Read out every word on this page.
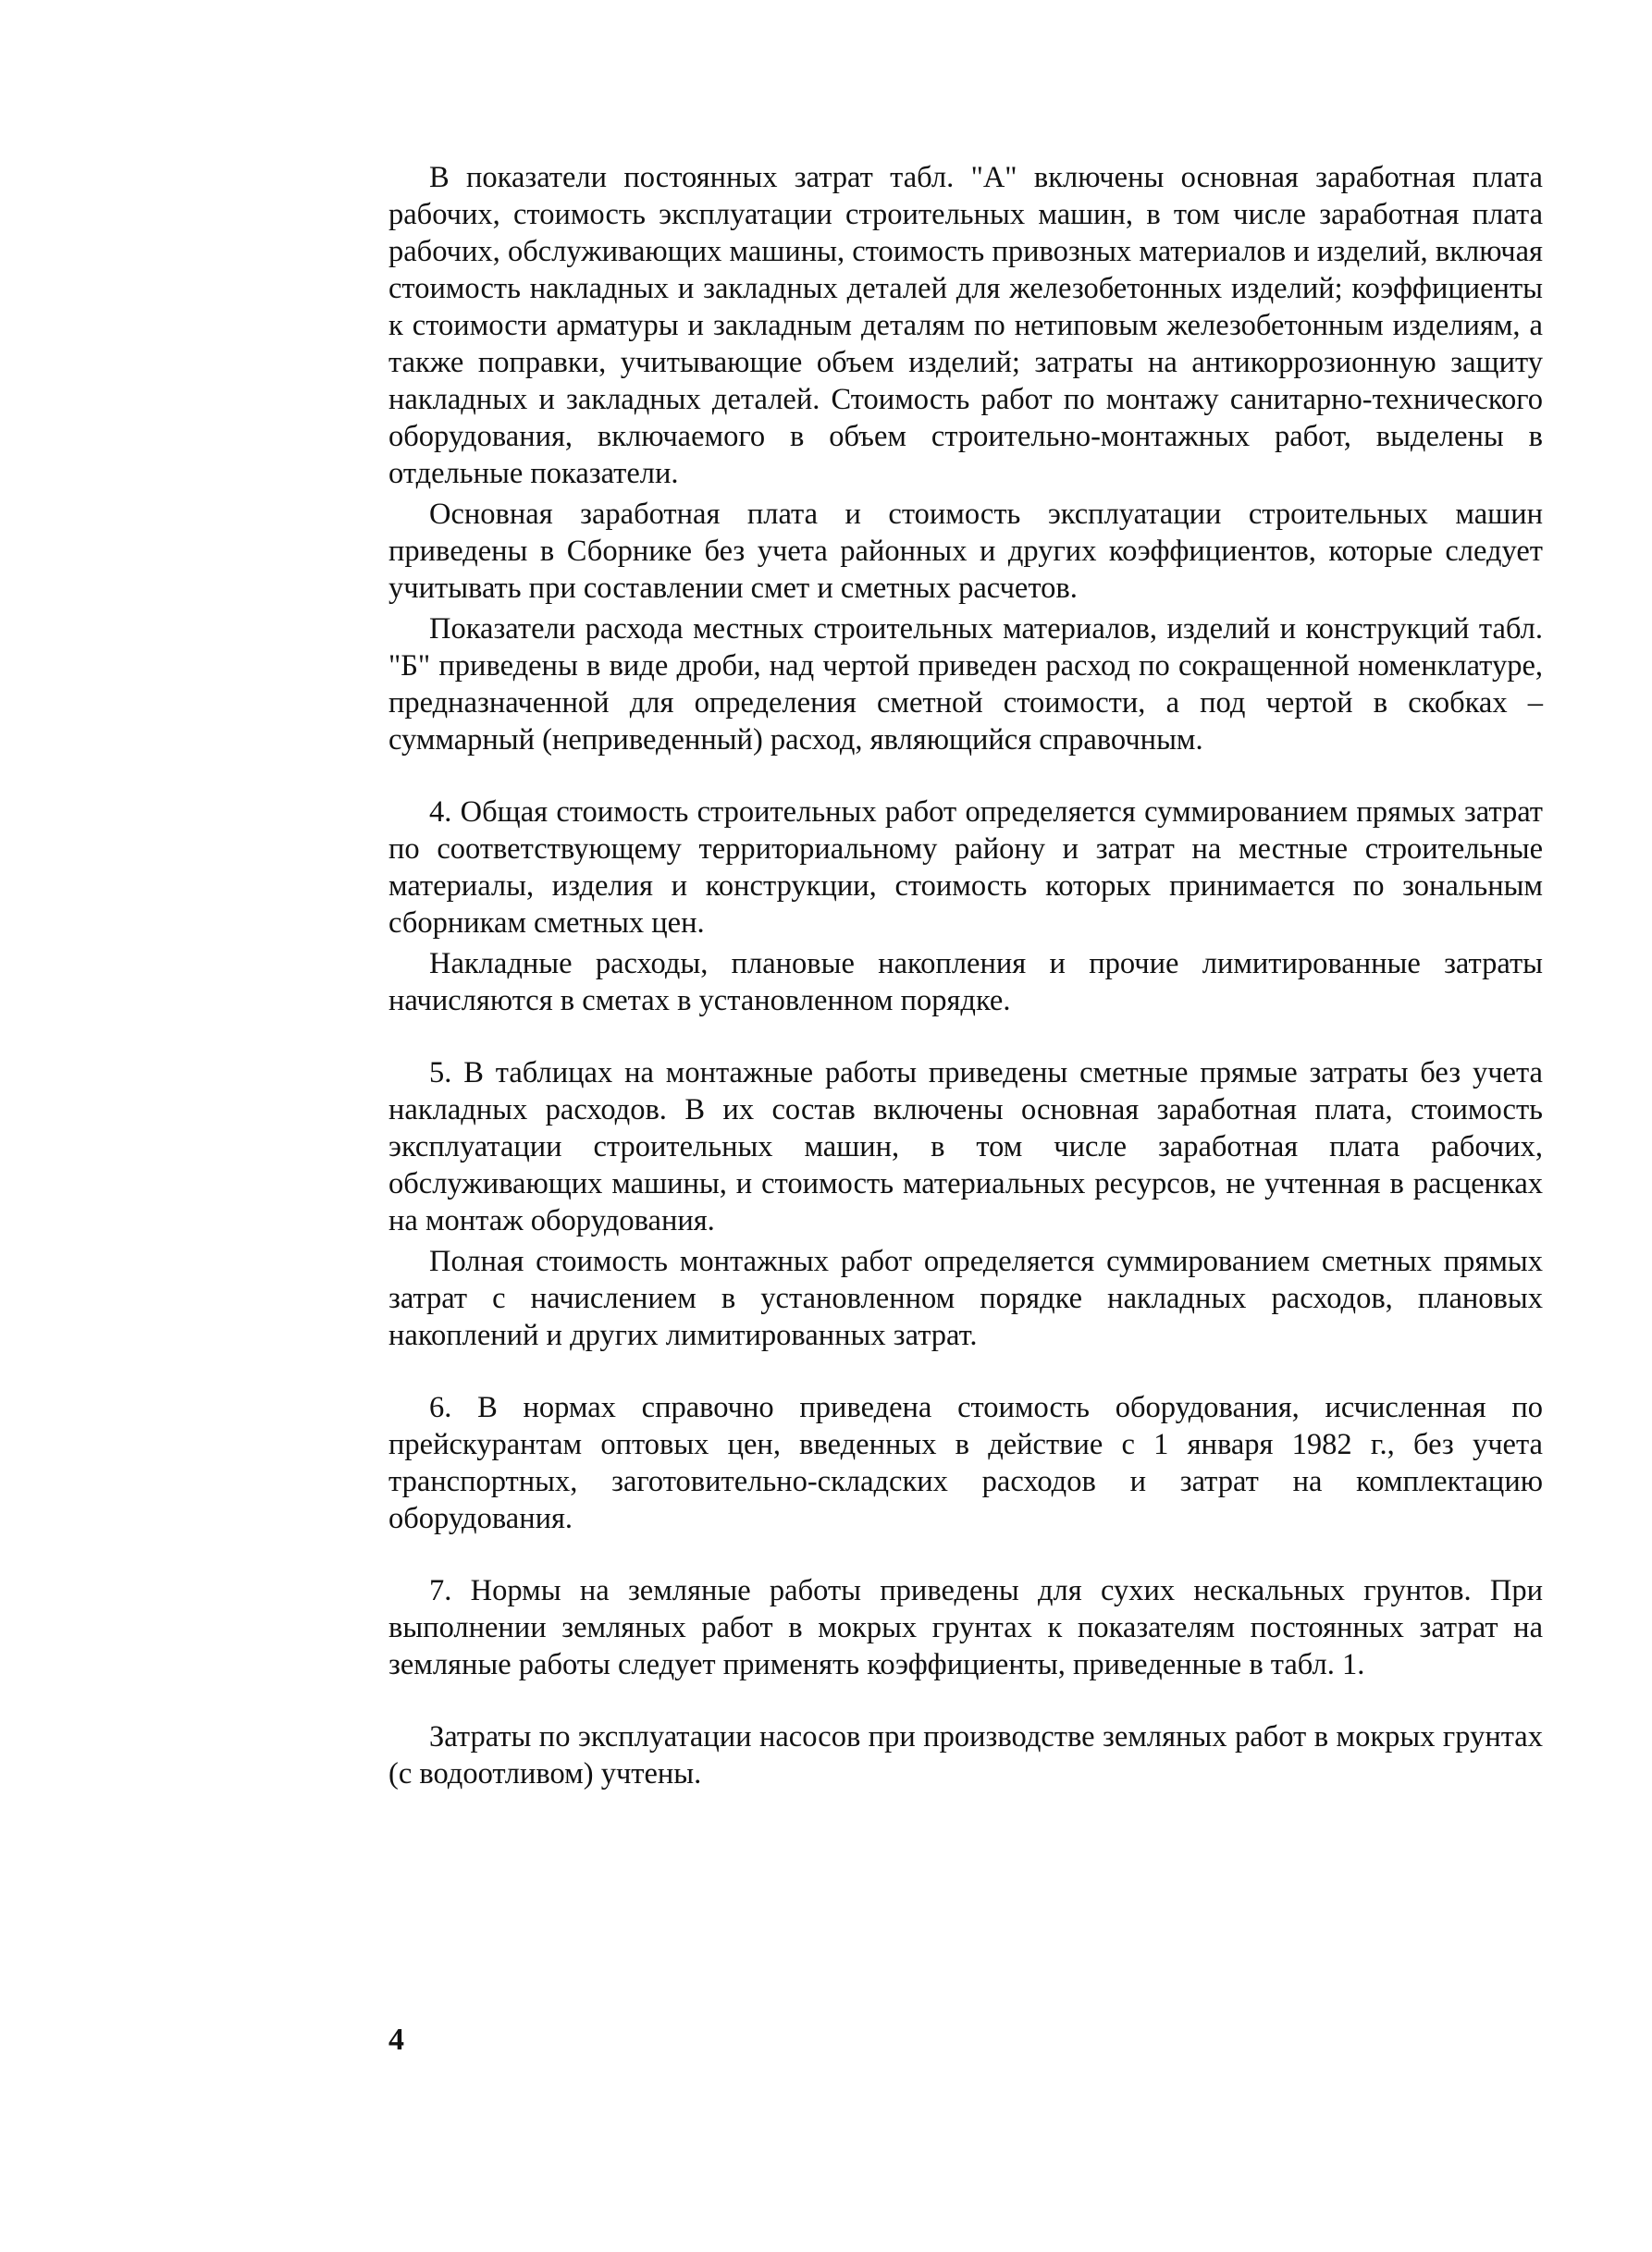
В показатели постоянных затрат табл. "А" включены основная заработная плата рабочих, стоимость эксплуатации строительных машин, в том числе заработная плата рабочих, обслуживающих машины, стоимость привозных материалов и изделий, включая стоимость накладных и закладных деталей для железобетонных изделий; коэффициенты к стоимости арматуры и закладным деталям по нетиповым железобетонным изделиям, а также поправки, учитывающие объем изделий; затраты на антикоррозионную защиту накладных и закладных деталей. Стоимость работ по монтажу санитарно-технического оборудования, включаемого в объем строительно-монтажных работ, выделены в отдельные показатели.

Основная заработная плата и стоимость эксплуатации строительных машин приведены в Сборнике без учета районных и других коэффициентов, которые следует учитывать при составлении смет и сметных расчетов.

Показатели расхода местных строительных материалов, изделий и конструкций табл. "Б" приведены в виде дроби, над чертой приведен расход по сокращенной номенклатуре, предназначенной для определения сметной стоимости, а под чертой в скобках – суммарный (неприведенный) расход, являющийся справочным.

4. Общая стоимость строительных работ определяется суммированием прямых затрат по соответствующему территориальному району и затрат на местные строительные материалы, изделия и конструкции, стоимость которых принимается по зональным сборникам сметных цен.

Накладные расходы, плановые накопления и прочие лимитированные затраты начисляются в сметах в установленном порядке.

5. В таблицах на монтажные работы приведены сметные прямые затраты без учета накладных расходов. В их состав включены основная заработная плата, стоимость эксплуатации строительных машин, в том числе заработная плата рабочих, обслуживающих машины, и стоимость материальных ресурсов, не учтенная в расценках на монтаж оборудования.

Полная стоимость монтажных работ определяется суммированием сметных прямых затрат с начислением в установленном порядке накладных расходов, плановых накоплений и других лимитированных затрат.

6. В нормах справочно приведена стоимость оборудования, исчисленная по прейскурантам оптовых цен, введенных в действие с 1 января 1982 г., без учета транспортных, заготовительно-складских расходов и затрат на комплектацию оборудования.

7. Нормы на земляные работы приведены для сухих нескальных грунтов. При выполнении земляных работ в мокрых грунтах к показателям постоянных затрат на земляные работы следует применять коэффициенты, приведенные в табл. 1.

Затраты по эксплуатации насосов при производстве земляных работ в мокрых грунтах (с водоотливом) учтены.

4
